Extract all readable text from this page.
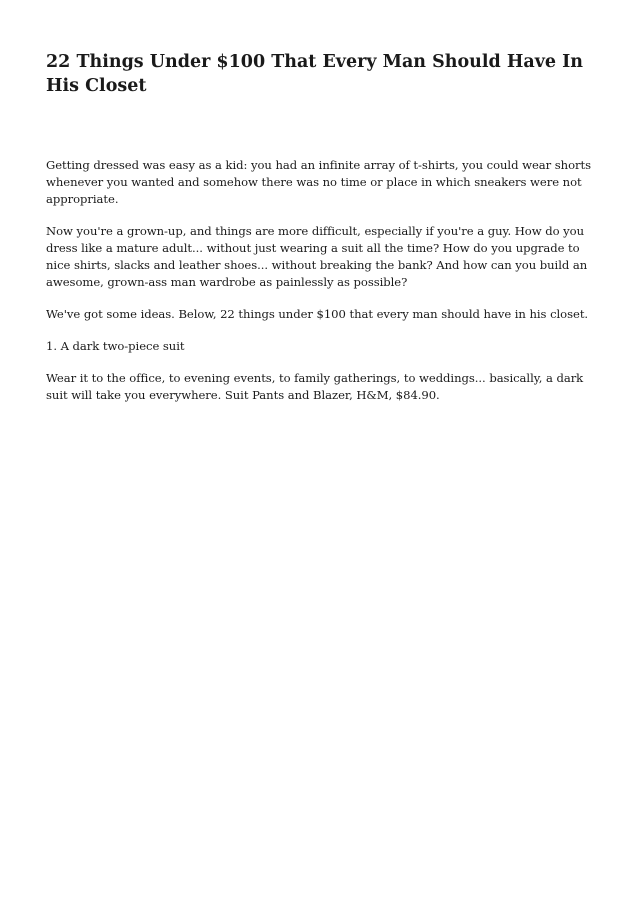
22 Things Under $100 That Every Man Should Have In His Closet

Getting dressed was easy as a kid: you had an infinite array of t-shirts, you could wear shorts whenever you wanted and somehow there was no time or place in which sneakers were not appropriate.

Now you're a grown-up, and things are more difficult, especially if you're a guy. How do you dress like a mature adult... without just wearing a suit all the time? How do you upgrade to nice shirts, slacks and leather shoes... without breaking the bank? And how can you build an awesome, grown-ass man wardrobe as painlessly as possible?

We've got some ideas. Below, 22 things under $100 that every man should have in his closet.

1. A dark two-piece suit

Wear it to the office, to evening events, to family gatherings, to weddings... basically, a dark suit will take you everywhere. Suit Pants and Blazer, H&M, $84.90.
